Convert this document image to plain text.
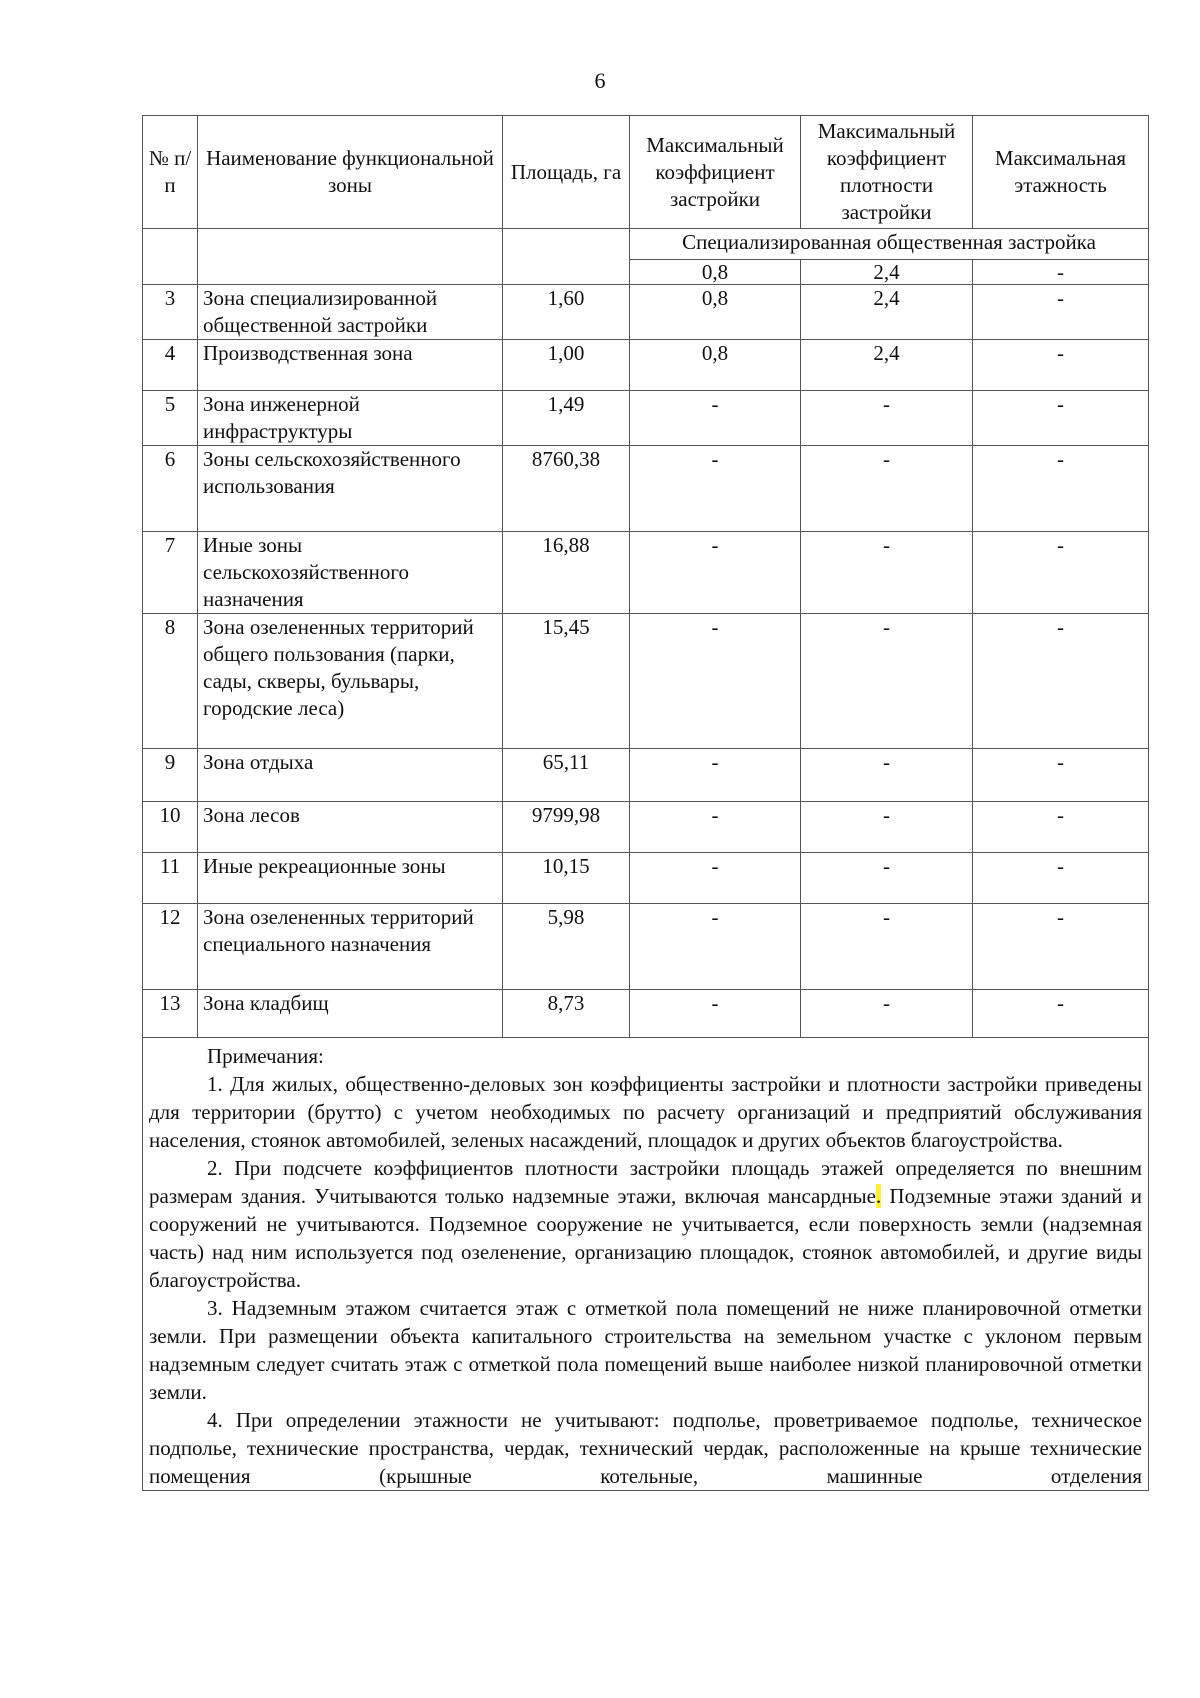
6
№ п/п	Наименование функциональной зоны	Площадь, га	Максимальный коэффициент застройки	Максимальный коэффициент плотности застройки	Максимальная этажность
			Специализированная общественная застройка		
			0,8	2,4	-
3	Зона специализированной общественной застройки	1,60	0,8	2,4	-
4	Производственная зона	1,00	0,8	2,4	-
5	Зона инженерной инфраструктуры	1,49	-	-	-
6	Зоны сельскохозяйственного использования	8760,38	-	-	-
7	Иные зоны сельскохозяйственного назначения	16,88	-	-	-
8	Зона озелененных территорий общего пользования (парки, сады, скверы, бульвары, городские леса)	15,45	-	-	-
9	Зона отдыха	65,11	-	-	-
10	Зона лесов	9799,98	-	-	-
11	Иные рекреационные зоны	10,15	-	-	-
12	Зона озелененных территорий специального назначения	5,98	-	-	-
13	Зона кладбищ	8,73	-	-	-

Примечания:

1. Для жилых, общественно-деловых зон коэффициенты застройки и плотности застройки приведены для территории (брутто) с учетом необходимых по расчету организаций и предприятий обслуживания населения, стоянок автомобилей, зеленых насаждений, площадок и других объектов благоустройства.

2. При подсчете коэффициентов плотности застройки площадь этажей определяется по внешним размерам здания. Учитываются только надземные этажи, включая мансардные. Подземные этажи зданий и сооружений не учитываются. Подземное сооружение не учитывается, если поверхность земли (надземная часть) над ним используется под озеленение, организацию площадок, стоянок автомобилей, и другие виды благоустройства.

3. Надземным этажом считается этаж с отметкой пола помещений не ниже планировочной отметки земли. При размещении объекта капитального строительства на земельном участке с уклоном первым надземным следует считать этаж с отметкой пола помещений выше наиболее низкой планировочной отметки земли.

4. При определении этажности не учитывают: подполье, проветриваемое подполье, техническое подполье, технические пространства, чердак, технический чердак, расположенные на крыше технические помещения (крышные котельные, машинные отделения					
